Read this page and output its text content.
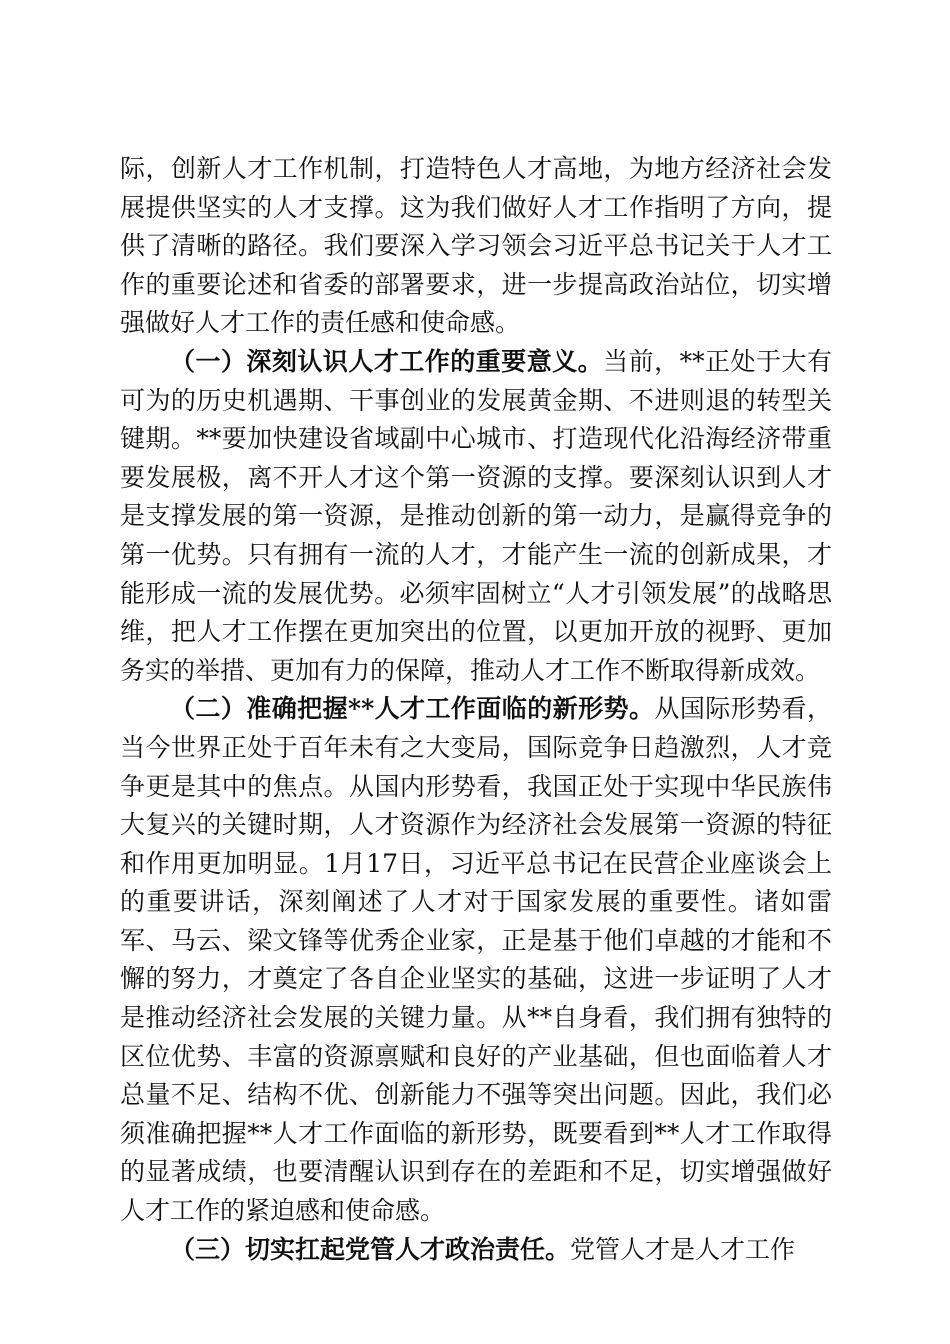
际，创新人才工作机制，打造特色人才高地，为地方经济社会发展提供坚实的人才支撑。这为我们做好人才工作指明了方向，提供了清晰的路径。我们要深入学习领会习近平总书记关于人才工作的重要论述和省委的部署要求，进一步提高政治站位，切实增强做好人才工作的责任感和使命感。

（一）深刻认识人才工作的重要意义。当前，**正处于大有可为的历史机遇期、干事创业的发展黄金期、不进则退的转型关键期。**要加快建设省域副中心城市、打造现代化沿海经济带重要发展极，离不开人才这个第一资源的支撑。要深刻认识到人才是支撑发展的第一资源，是推动创新的第一动力，是赢得竞争的第一优势。只有拥有一流的人才，才能产生一流的创新成果，才能形成一流的发展优势。必须牢固树立“人才引领发展”的战略思维，把人才工作摆在更加突出的位置，以更加开放的视野、更加务实的举措、更加有力的保障，推动人才工作不断取得新成效。

（二）准确把握**人才工作面临的新形势。从国际形势看，当今世界正处于百年未有之大变局，国际竞争日趋激烈，人才竞争更是其中的焦点。从国内形势看，我国正处于实现中华民族伟大复兴的关键时期，人才资源作为经济社会发展第一资源的特征和作用更加明显。1月17日，习近平总书记在民营企业座谈会上的重要讲话，深刻阐述了人才对于国家发展的重要性。诸如雷军、马云、梁文锋等优秀企业家，正是基于他们卓越的才能和不懈的努力，才奠定了各自企业坚实的基础，这进一步证明了人才是推动经济社会发展的关键力量。从**自身看，我们拥有独特的区位优势、丰富的资源禀赋和良好的产业基础，但也面临着人才总量不足、结构不优、创新能力不强等突出问题。因此，我们必须准确把握**人才工作面临的新形势，既要看到**人才工作取得的显著成绩，也要清醒认识到存在的差距和不足，切实增强做好人才工作的紧迫感和使命感。

（三）切实扛起党管人才政治责任。党管人才是人才工作
